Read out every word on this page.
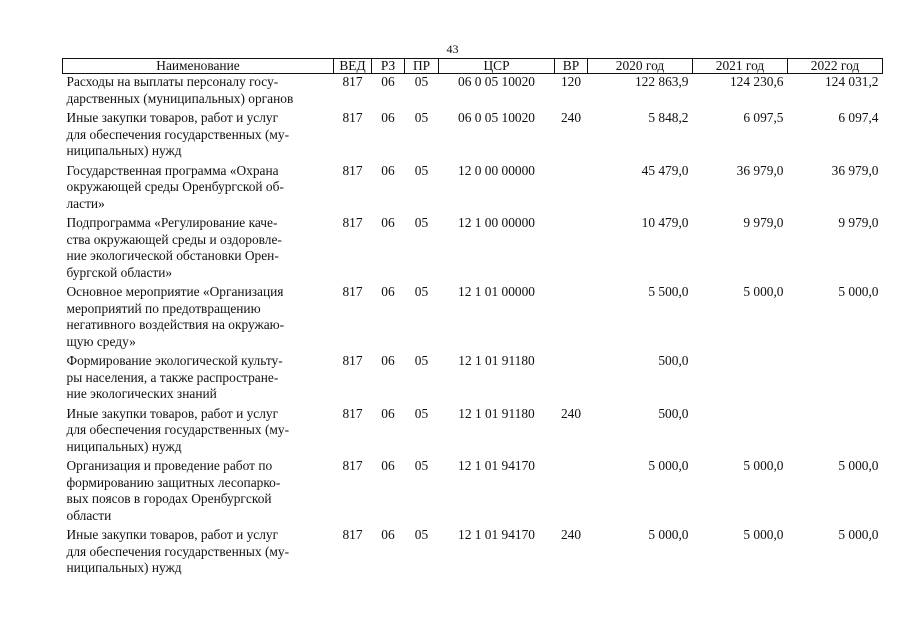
43
Наименование	ВЕД	РЗ	ПР	ЦСР	ВР	2020 год	2021 год	2022 год
Расходы на выплаты персоналу госу-
дарственных (муниципальных) органов	817	06	05	06 0 05 10020	120	122 863,9	124 230,6	124 031,2
Иные закупки товаров, работ и услуг
для обеспечения государственных (му-
ниципальных) нужд	817	06	05	06 0 05 10020	240	5 848,2	6 097,5	6 097,4
Государственная программа «Охрана
окружающей среды Оренбургской об-
ласти»	817	06	05	12 0 00 00000		45 479,0	36 979,0	36 979,0
Подпрограмма «Регулирование каче-
ства окружающей среды и оздоровле-
ние экологической обстановки Орен-
бургской области»	817	06	05	12 1 00 00000		10 479,0	9 979,0	9 979,0
Основное мероприятие «Организация
мероприятий по предотвращению
негативного воздействия на окружаю-
щую среду»	817	06	05	12 1 01 00000		5 500,0	5 000,0	5 000,0
Формирование экологической культу-
ры населения, а также распростране-
ние экологических знаний	817	06	05	12 1 01 91180		500,0		
Иные закупки товаров, работ и услуг
для обеспечения государственных (му-
ниципальных) нужд	817	06	05	12 1 01 91180	240	500,0		
Организация и проведение работ по
формированию защитных лесопарко-
вых поясов в городах Оренбургской
области	817	06	05	12 1 01 94170		5 000,0	5 000,0	5 000,0
Иные закупки товаров, работ и услуг
для обеспечения государственных (му-
ниципальных) нужд	817	06	05	12 1 01 94170	240	5 000,0	5 000,0	5 000,0
